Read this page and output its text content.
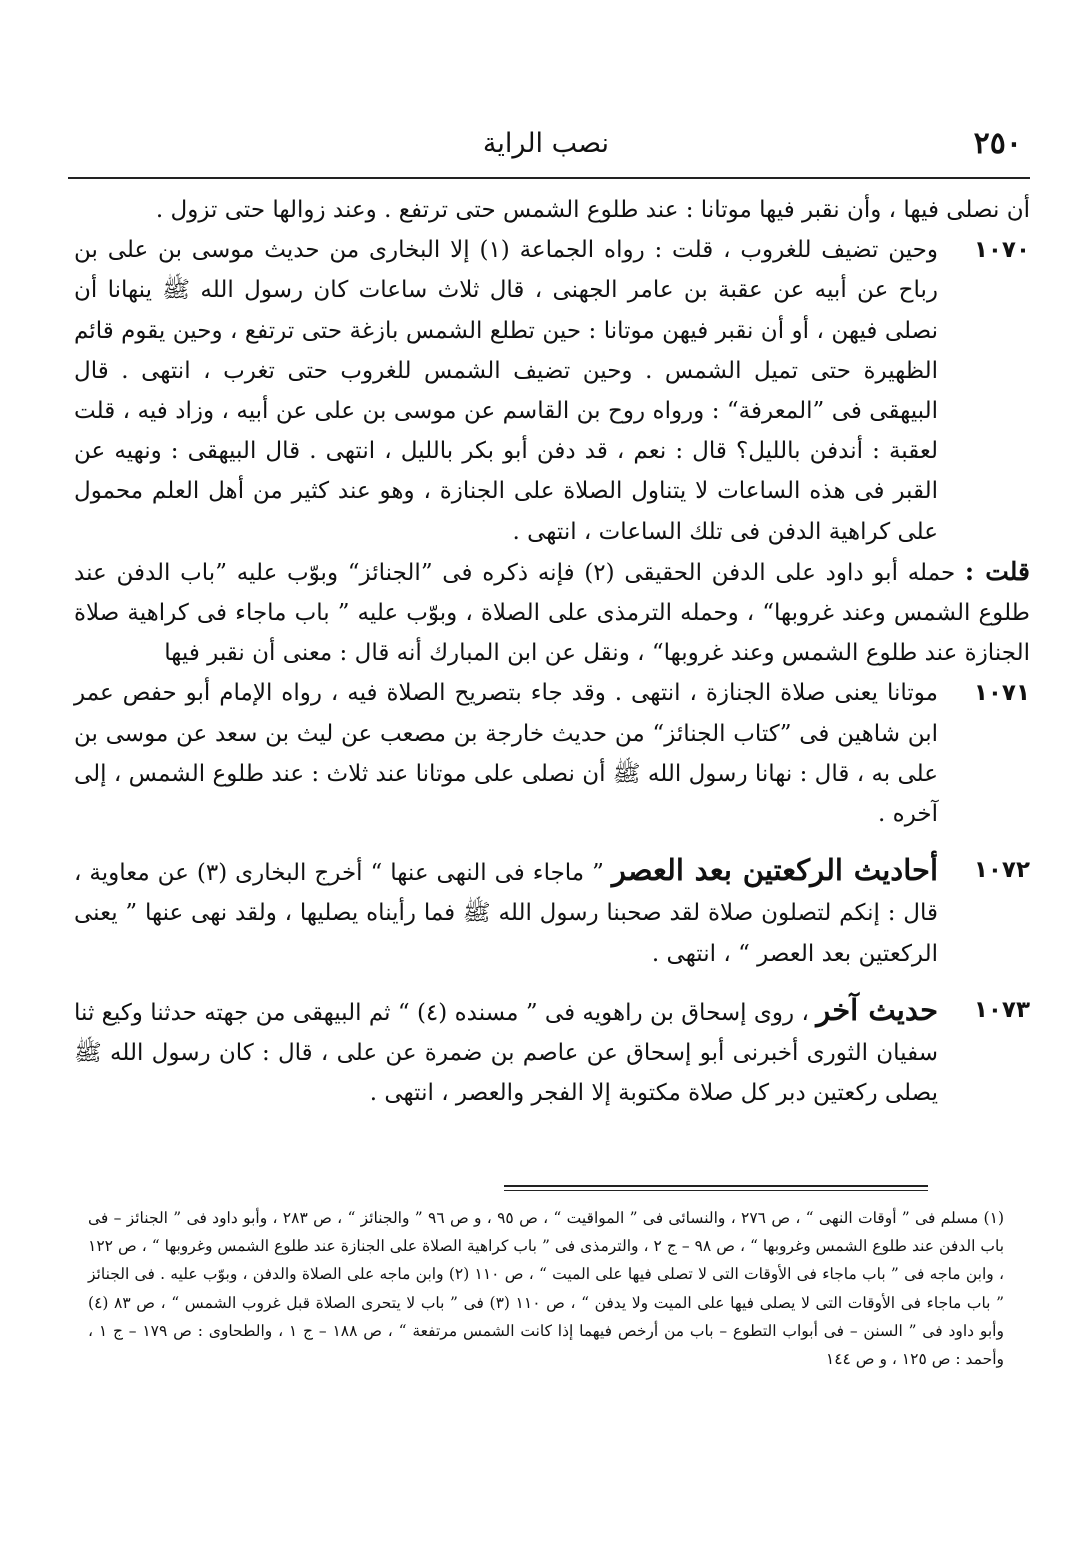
٢٥٠
نصب الراية

أن نصلى فيها ، وأن نقبر فيها موتانا : عند طلوع الشمس حتى ترتفع . وعند زوالها حتى تزول .

١٠٧٠
وحين تضيف للغروب ، قلت : رواه الجماعة (١) إلا البخارى من حديث موسى بن على بن رباح عن أبيه عن عقبة بن عامر الجهنى ، قال ثلاث ساعات كان رسول الله ﷺ ينهانا أن نصلى فيهن ، أو أن نقبر فيهن موتانا : حين تطلع الشمس بازغة حتى ترتفع ، وحين يقوم قائم الظهيرة حتى تميل الشمس . وحين تضيف الشمس للغروب حتى تغرب ، انتهى . قال البيهقى فى ”المعرفة“ : ورواه روح بن القاسم عن موسى بن على عن أبيه ، وزاد فيه ، قلت لعقبة : أندفن بالليل؟ قال : نعم ، قد دفن أبو بكر بالليل ، انتهى . قال البيهقى : ونهيه عن القبر فى هذه الساعات لا يتناول الصلاة على الجنازة ، وهو عند كثير من أهل العلم محمول على كراهية الدفن فى تلك الساعات ، انتهى .

قلت : حمله أبو داود على الدفن الحقيقى (٢) فإنه ذكره فى ”الجنائز“ وبوّب عليه ”باب الدفن عند طلوع الشمس وعند غروبها“ ، وحمله الترمذى على الصلاة ، وبوّب عليه ” باب ماجاء فى كراهية صلاة الجنازة عند طلوع الشمس وعند غروبها“ ، ونقل عن ابن المبارك أنه قال : معنى أن نقبر فيها

١٠٧١
موتانا يعنى صلاة الجنازة ، انتهى . وقد جاء بتصريح الصلاة فيه ، رواه الإمام أبو حفص عمر ابن شاهين فى ”كتاب الجنائز“ من حديث خارجة بن مصعب عن ليث بن سعد عن موسى بن على به ، قال : نهانا رسول الله ﷺ أن نصلى على موتانا عند ثلاث : عند طلوع الشمس ، إلى آخره .

١٠٧٢
أحاديث الركعتين بعد العصر ” ماجاء فى النهى عنها “ أخرج البخارى (٣) عن معاوية ، قال : إنكم لتصلون صلاة لقد صحبنا رسول الله ﷺ فما رأيناه يصليها ، ولقد نهى عنها ” يعنى الركعتين بعد العصر “ ، انتهى .

١٠٧٣
حديث آخر ، روى إسحاق بن راهويه فى ” مسنده (٤) “ ثم البيهقى من جهته حدثنا وكيع ثنا سفيان الثورى أخبرنى أبو إسحاق عن عاصم بن ضمرة عن على ، قال : كان رسول الله ﷺ يصلى ركعتين دبر كل صلاة مكتوبة إلا الفجر والعصر ، انتهى .

(١) مسلم فى ” أوقات النهى “ ، ص ٢٧٦ ، والنسائى فى ” المواقيت “ ، ص ٩٥ ، و ص ٩٦ ” والجنائز “ ، ص ٢٨٣ ، وأبو داود فى ” الجنائز – فى باب الدفن عند طلوع الشمس وغروبها “ ، ص ٩٨ – ج ٢ ، والترمذى فى ” باب كراهية الصلاة على الجنازة عند طلوع الشمس وغروبها “ ، ص ١٢٢ ، وابن ماجه فى ” باب ماجاء فى الأوقات التى لا تصلى فيها على الميت “ ، ص ١١٠ (٢) وابن ماجه على الصلاة والدفن ، وبوّب عليه . فى الجنائز ” باب ماجاء فى الأوقات التى لا يصلى فيها على الميت ولا يدفن “ ، ص ١١٠ (٣) فى ” باب لا يتحرى الصلاة قبل غروب الشمس “ ، ص ٨٣ (٤) وأبو داود فى ” السنن – فى أبواب التطوع – باب من أرخص فيهما إذا كانت الشمس مرتفعة “ ، ص ١٨٨ – ج ١ ، والطحاوى : ص ١٧٩ – ج ١ ، وأحمد : ص ١٢٥ ، و ص ١٤٤
